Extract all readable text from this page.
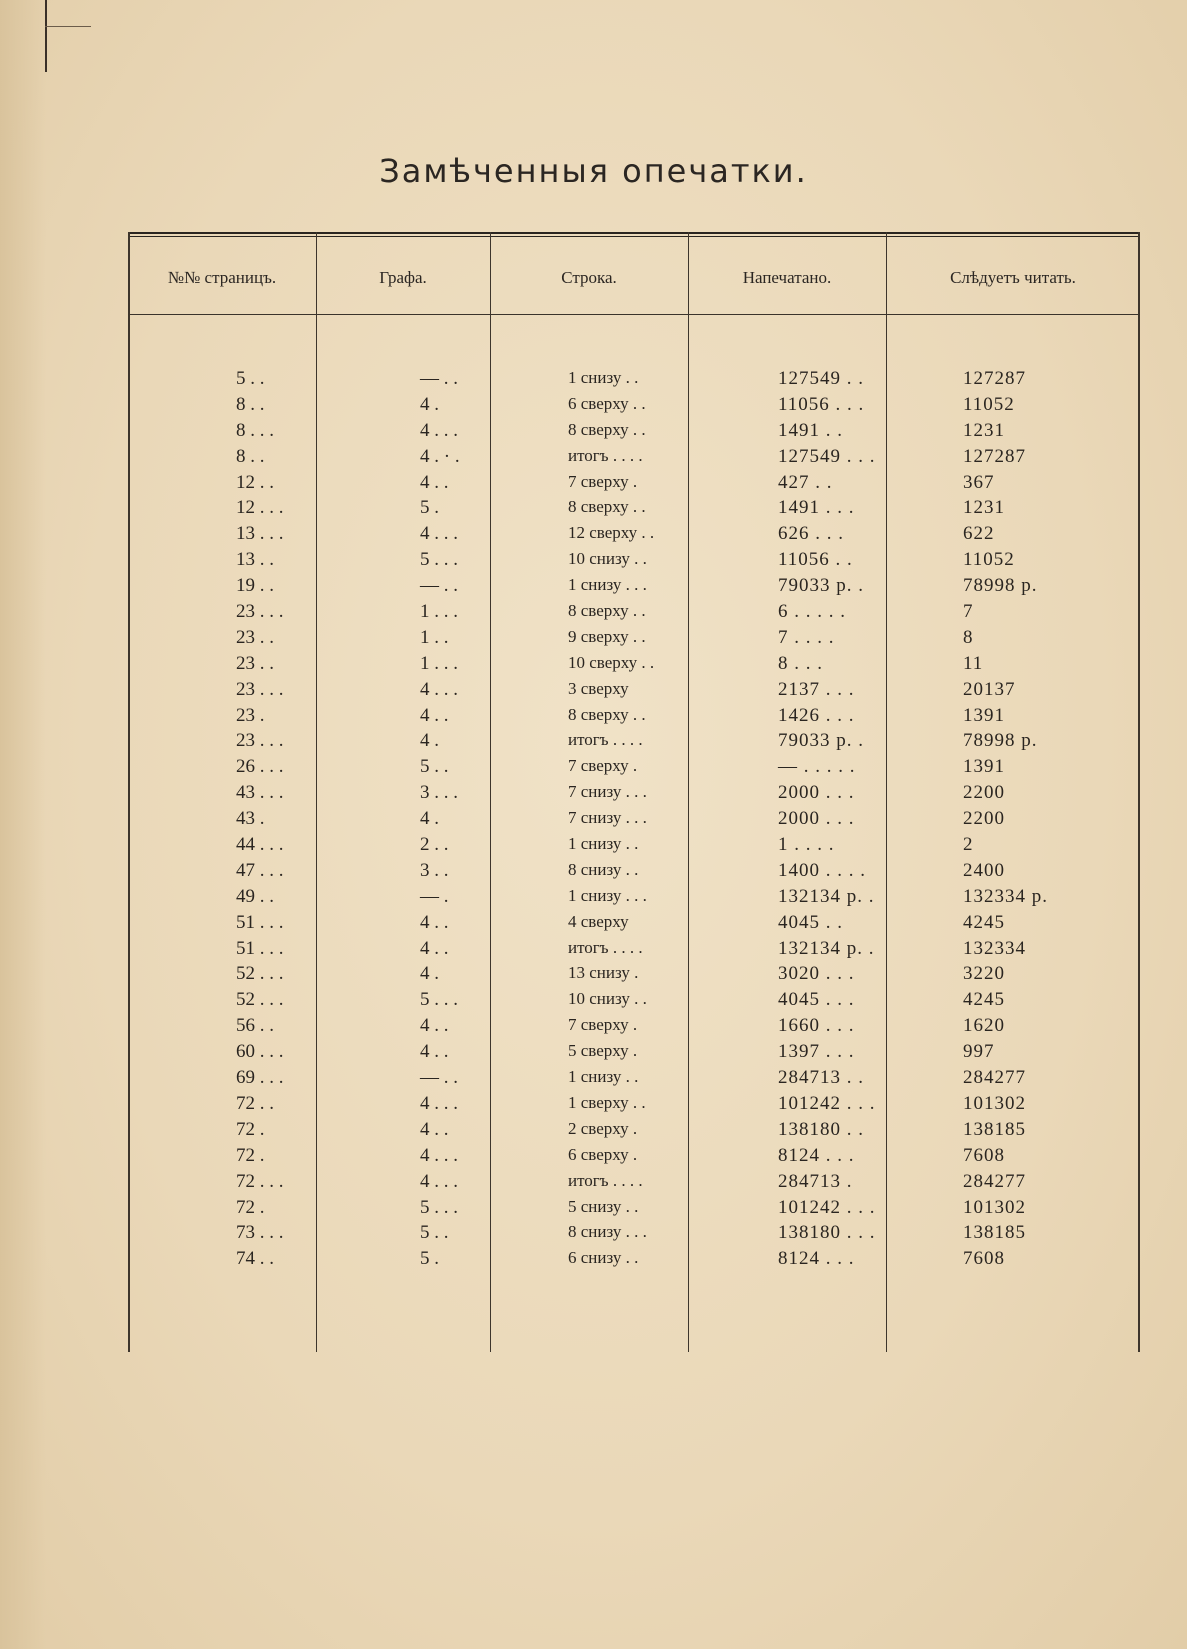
Замѣченныя опечатки.
№№ страницъ.	Графа.	Строка.	Напечатано.	Слѣдуетъ читать.
5 . .	— . .	1 снизу . .	127549 . .	127287
8 . .	4 .	6 сверху . .	11056 . . .	11052
8 . . .	4 . . .	8 сверху . .	1491 . .	1231
8 . .	4 . · .	итогъ . . . .	127549 . . .	127287
12 . .	4 . .	7 сверху .	427 . .	367
12 . . .	5 .	8 сверху . .	1491 . . .	1231
13 . . .	4 . . .	12 сверху . .	626 . . .	622
13 . .	5 . . .	10 снизу . .	11056 . .	11052
19 . .	— . .	1 снизу . . .	79033 р. .	78998 р.
23 . . .	1 . . .	8 сверху . .	6 . . . . .	7
23 . .	1 . .	9 сверху . .	7 . . . .	8
23 . .	1 . . .	10 сверху . .	8 . . .	11
23 . . .	4 . . .	3 сверху	2137 . . .	20137
23 .	4 . .	8 сверху . .	1426 . . .	1391
23 . . .	4 .	итогъ . . . .	79033 р. .	78998 р.
26 . . .	5 . .	7 сверху .	— . . . . .	1391
43 . . .	3 . . .	7 снизу . . .	2000 . . .	2200
43 .	4 .	7 снизу . . .	2000 . . .	2200
44 . . .	2 . .	1 снизу . .	1 . . . .	2
47 . . .	3 . .	8 снизу . .	1400 . . . .	2400
49 . .	— .	1 снизу . . .	132134 р. .	132334 р.
51 . . .	4 . .	4 сверху	4045 . .	4245
51 . . .	4 . .	итогъ . . . .	132134 р. .	132334
52 . . .	4 .	13 снизу .	3020 . . .	3220
52 . . .	5 . . .	10 снизу . .	4045 . . .	4245
56 . .	4 . .	7 сверху .	1660 . . .	1620
60 . . .	4 . .	5 сверху .	1397 . . .	997
69 . . .	— . .	1 снизу . .	284713 . .	284277
72 . .	4 . . .	1 сверху . .	101242 . . .	101302
72 .	4 . .	2 сверху .	138180 . .	138185
72 .	4 . . .	6 сверху .	8124 . . .	7608
72 . . .	4 . . .	итогъ . . . .	284713 .	284277
72 .	5 . . .	5 снизу . .	101242 . . .	101302
73 . . .	5 . .	8 снизу . . .	138180 . . .	138185
74 . .	5 .	6 снизу . .	8124 . . .	7608
